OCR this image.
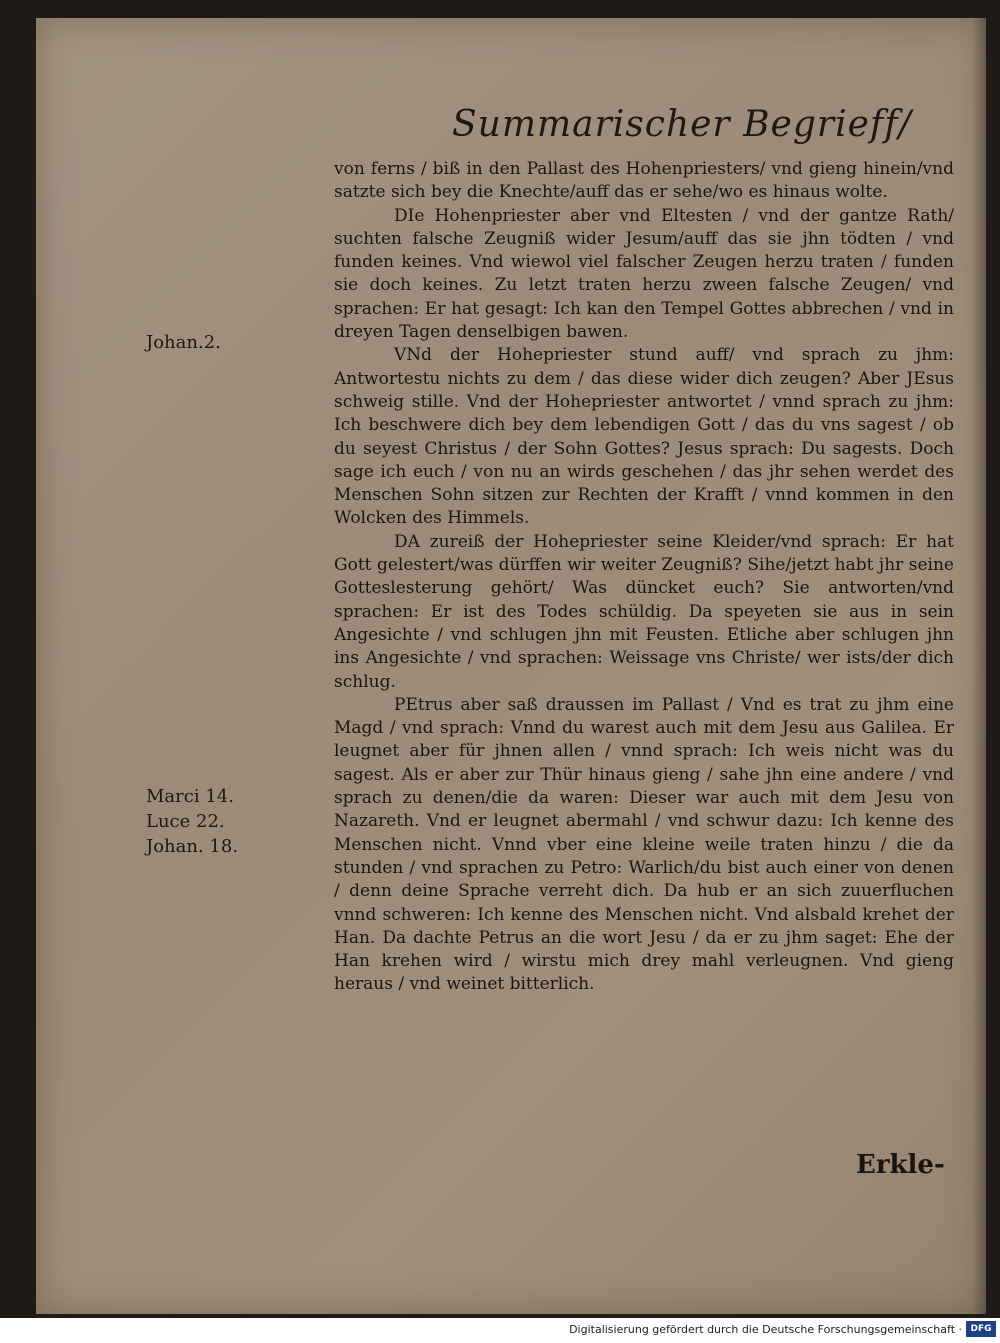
Summarischer Begrieff/
Johan.2.
Marci 14.
Luce 22.
Johan. 18.

von ferns / biß in den Pallast des Hohenpriesters/ vnd gieng hinein/vnd satzte sich bey die Knechte/auff das er sehe/wo es hinaus wolte.

DIe Hohenpriester aber vnd Eltesten / vnd der gantze Rath/ suchten falsche Zeugniß wider Jesum/auff das sie jhn tödten / vnd funden keines. Vnd wiewol viel falscher Zeugen herzu traten / funden sie doch keines. Zu letzt traten herzu zween falsche Zeugen/ vnd sprachen: Er hat gesagt: Ich kan den Tempel Gottes abbrechen / vnd in dreyen Tagen denselbigen bawen.

VNd der Hohepriester stund auff/ vnd sprach zu jhm: Antwortestu nichts zu dem / das diese wider dich zeugen? Aber JEsus schweig stille. Vnd der Hohepriester antwortet / vnnd sprach zu jhm: Ich beschwere dich bey dem lebendigen Gott / das du vns sagest / ob du seyest Christus / der Sohn Gottes? Jesus sprach: Du sagests. Doch sage ich euch / von nu an wirds geschehen / das jhr sehen werdet des Menschen Sohn sitzen zur Rechten der Krafft / vnnd kommen in den Wolcken des Himmels.

DA zureiß der Hohepriester seine Kleider/vnd sprach: Er hat Gott gelestert/was dürffen wir weiter Zeugniß? Sihe/jetzt habt jhr seine Gotteslesterung gehört/ Was düncket euch? Sie antworten/vnd sprachen: Er ist des Todes schüldig. Da speyeten sie aus in sein Angesichte / vnd schlugen jhn mit Feusten. Etliche aber schlugen jhn ins Angesichte / vnd sprachen: Weissage vns Christe/ wer ists/der dich schlug.

PEtrus aber saß draussen im Pallast / Vnd es trat zu jhm eine Magd / vnd sprach: Vnnd du warest auch mit dem Jesu aus Galilea. Er leugnet aber für jhnen allen / vnnd sprach: Ich weis nicht was du sagest. Als er aber zur Thür hinaus gieng / sahe jhn eine andere / vnd sprach zu denen/die da waren: Dieser war auch mit dem Jesu von Nazareth. Vnd er leugnet abermahl / vnd schwur dazu: Ich kenne des Menschen nicht. Vnnd vber eine kleine weile traten hinzu / die da stunden / vnd sprachen zu Petro: Warlich/du bist auch einer von denen / denn deine Sprache verreht dich. Da hub er an sich zuuerfluchen vnnd schweren: Ich kenne des Menschen nicht. Vnd alsbald krehet der Han. Da dachte Petrus an die wort Jesu / da er zu jhm saget: Ehe der Han krehen wird / wirstu mich drey mahl verleugnen. Vnd gieng heraus / vnd weinet bitterlich.

Erkle-
Digitalisierung gefördert durch die Deutsche Forschungsgemeinschaft · DFG
